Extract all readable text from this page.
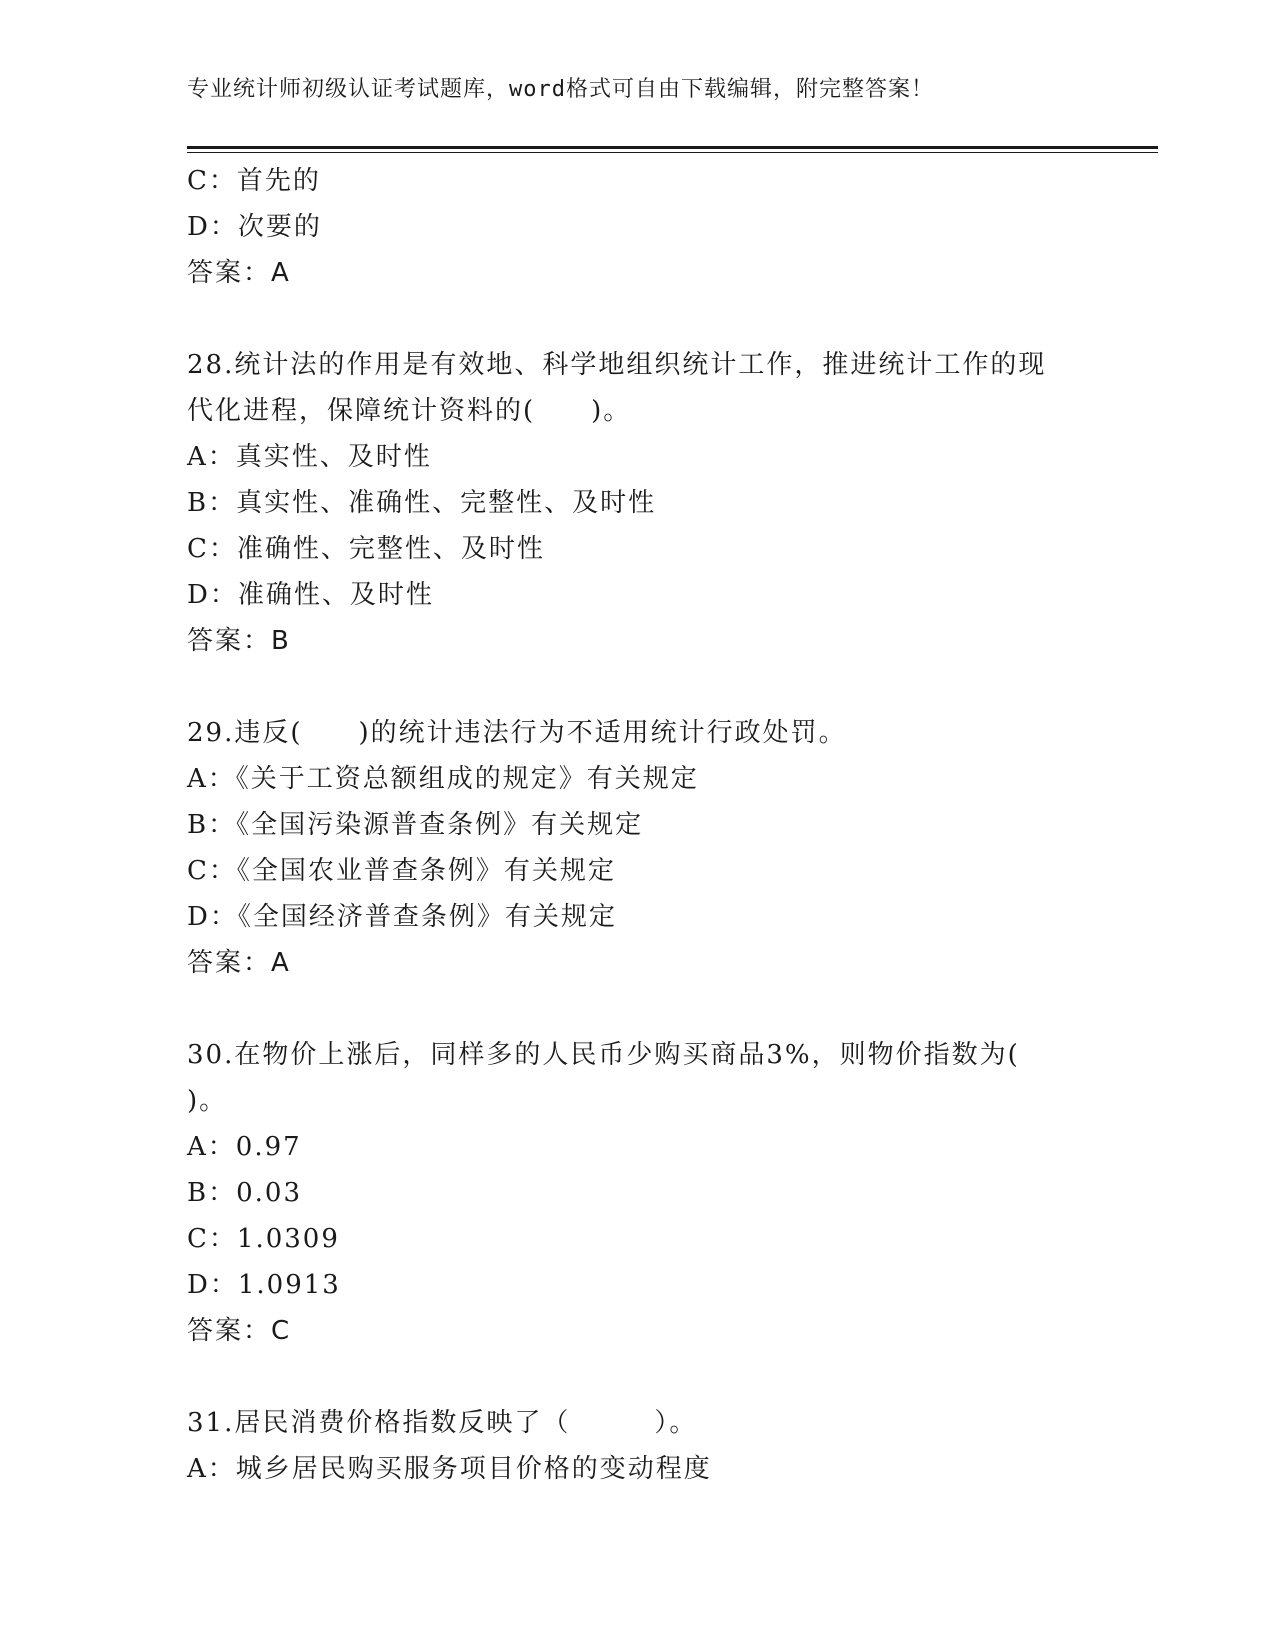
专业统计师初级认证考试题库，word格式可自由下载编辑，附完整答案！
C：首先的
D：次要的
答案：A
28.统计法的作用是有效地、科学地组织统计工作，推进统计工作的现
代化进程，保障统计资料的(　　)。
A：真实性、及时性
B：真实性、准确性、完整性、及时性
C：准确性、完整性、及时性
D：准确性、及时性
答案：B
29.违反(　　)的统计违法行为不适用统计行政处罚。
A：《关于工资总额组成的规定》有关规定
B：《全国污染源普查条例》有关规定
C：《全国农业普查条例》有关规定
D：《全国经济普查条例》有关规定
答案：A
30.在物价上涨后，同样多的人民币少购买商品3%，则物价指数为(
)。
A：0.97
B：0.03
C：1.0309
D：1.0913
答案：C
31.居民消费价格指数反映了（　　　）。
A：城乡居民购买服务项目价格的变动程度
